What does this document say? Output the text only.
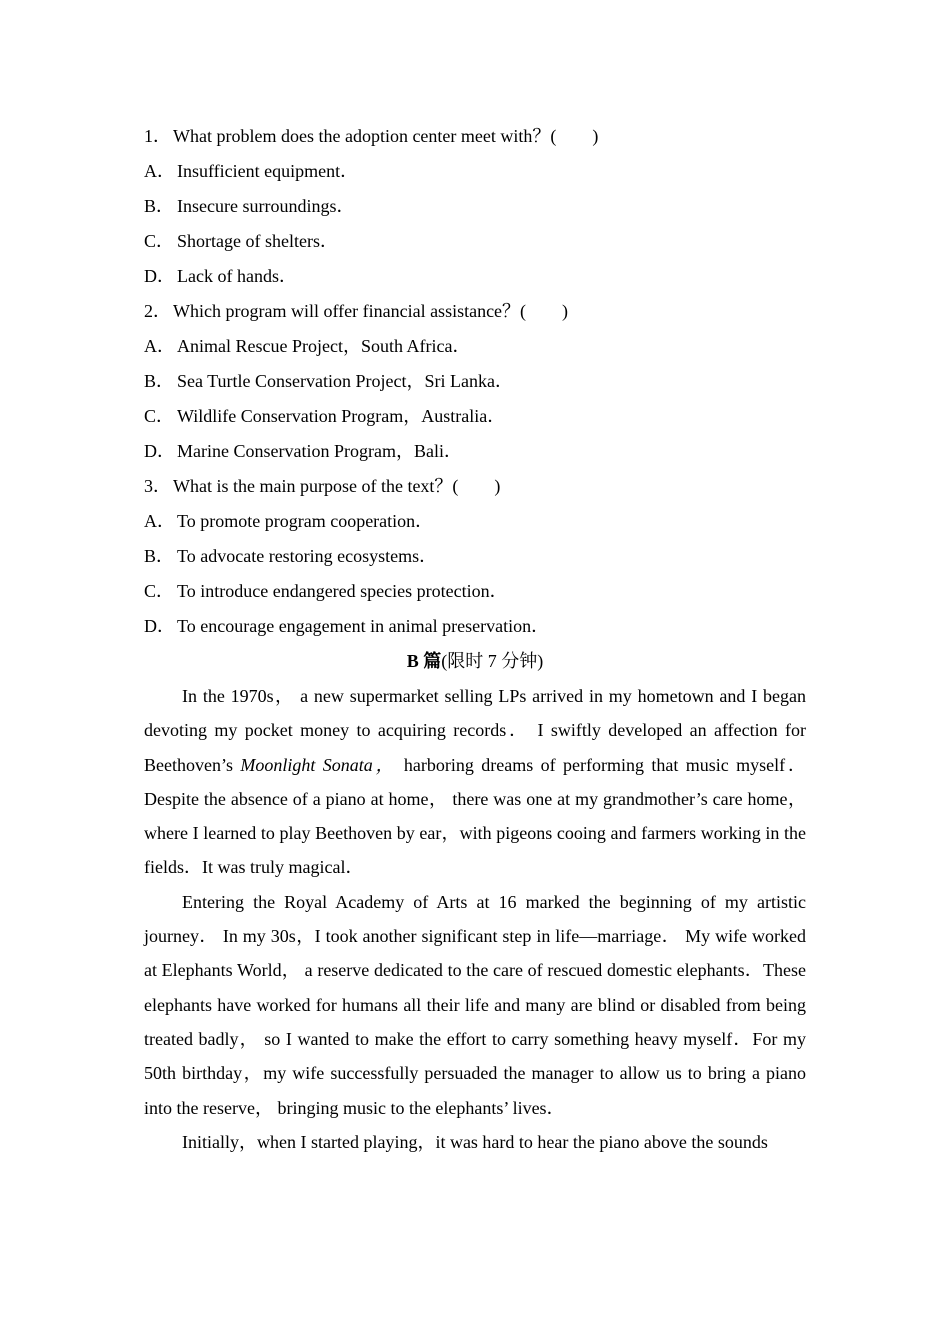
1． What problem does the adoption center meet with？(　　)
A． Insufficient equipment．
B． Insecure surroundings．
C． Shortage of shelters．
D． Lack of hands．
2． Which program will offer financial assistance？(　　)
A． Animal Rescue Project，South Africa．
B． Sea Turtle Conservation Project，Sri Lanka．
C． Wildlife Conservation Program，Australia．
D． Marine Conservation Program，Bali．
3． What is the main purpose of the text？(　　)
A． To promote program cooperation．
B． To advocate restoring ecosystems．
C． To introduce endangered species protection．
D． To encourage engagement in animal preservation．
B 篇(限时 7 分钟)

In the 1970s， a new supermarket selling LPs arrived in my hometown and I began devoting my pocket money to acquiring records． I swiftly developed an affection for Beethoven’s Moonlight Sonata， harboring dreams of performing that music myself． Despite the absence of a piano at home， there was one at my grandmother’s care home，where I learned to play Beethoven by ear，with pigeons cooing and farmers working in the fields．It was truly magical．

Entering the Royal Academy of Arts at 16 marked the beginning of my artistic journey． In my 30s，I took another significant step in life—marriage． My wife worked at Elephants World， a reserve dedicated to the care of rescued domestic elephants．These elephants have worked for humans all their life and many are blind or disabled from being treated badly， so I wanted to make the effort to carry something heavy myself．For my 50th birthday，my wife successfully persuaded the manager to allow us to bring a piano into the reserve， bringing music to the elephants’ lives．

Initially，when I started playing，it was hard to hear the piano above the sounds
